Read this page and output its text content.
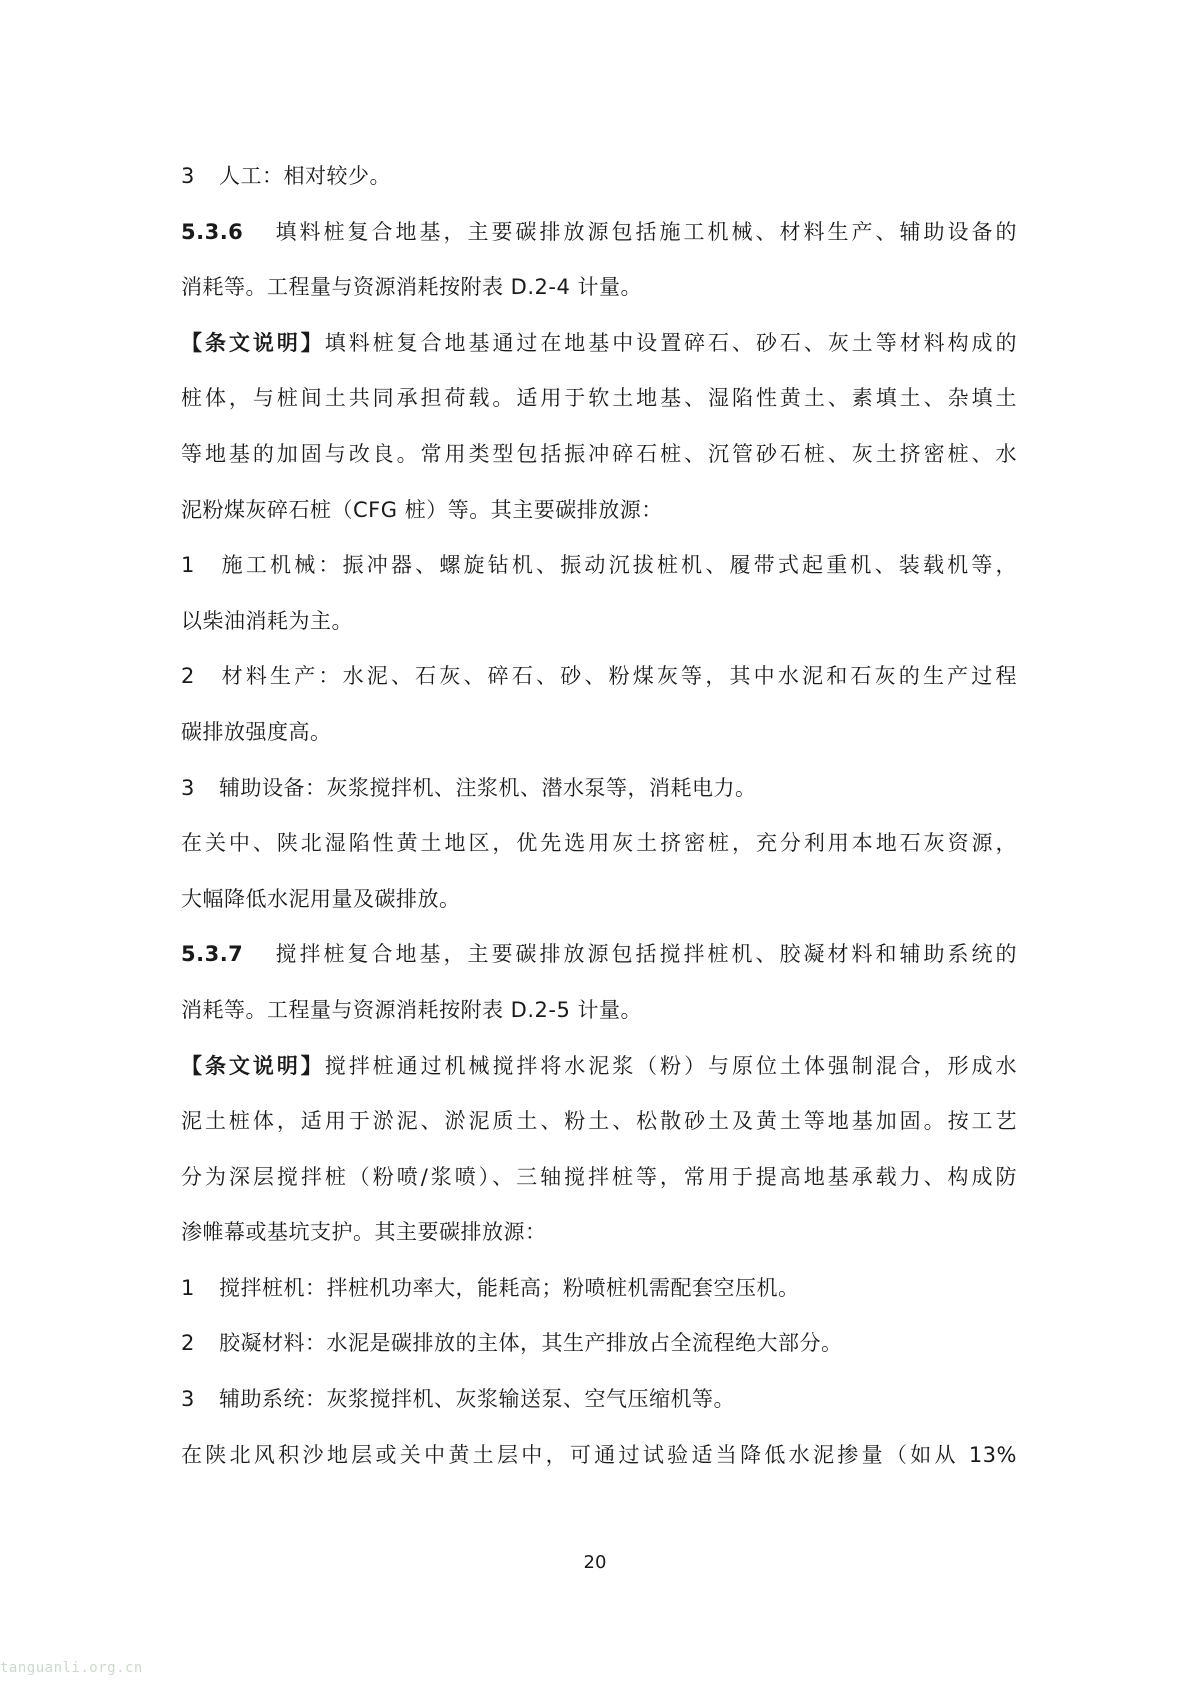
3 人工：相对较少。
5.3.6 填料桩复合地基，主要碳排放源包括施工机械、材料生产、辅助设备的
消耗等。工程量与资源消耗按附表 D.2-4 计量。
【条文说明】填料桩复合地基通过在地基中设置碎石、砂石、灰土等材料构成的
桩体，与桩间土共同承担荷载。适用于软土地基、湿陷性黄土、素填土、杂填土
等地基的加固与改良。常用类型包括振冲碎石桩、沉管砂石桩、灰土挤密桩、水
泥粉煤灰碎石桩（CFG 桩）等。其主要碳排放源：
1 施工机械：振冲器、螺旋钻机、振动沉拔桩机、履带式起重机、装载机等，
以柴油消耗为主。
2 材料生产：水泥、石灰、碎石、砂、粉煤灰等，其中水泥和石灰的生产过程
碳排放强度高。
3 辅助设备：灰浆搅拌机、注浆机、潜水泵等，消耗电力。
在关中、陕北湿陷性黄土地区，优先选用灰土挤密桩，充分利用本地石灰资源，
大幅降低水泥用量及碳排放。
5.3.7 搅拌桩复合地基，主要碳排放源包括搅拌桩机、胶凝材料和辅助系统的
消耗等。工程量与资源消耗按附表 D.2-5 计量。
【条文说明】搅拌桩通过机械搅拌将水泥浆（粉）与原位土体强制混合，形成水
泥土桩体，适用于淤泥、淤泥质土、粉土、松散砂土及黄土等地基加固。按工艺
分为深层搅拌桩（粉喷/浆喷）、三轴搅拌桩等，常用于提高地基承载力、构成防
渗帷幕或基坑支护。其主要碳排放源：
1 搅拌桩机：拌桩机功率大，能耗高；粉喷桩机需配套空压机。
2 胶凝材料：水泥是碳排放的主体，其生产排放占全流程绝大部分。
3 辅助系统：灰浆搅拌机、灰浆输送泵、空气压缩机等。
在陕北风积沙地层或关中黄土层中，可通过试验适当降低水泥掺量（如从 13%
20
tanguanli.org.cn
